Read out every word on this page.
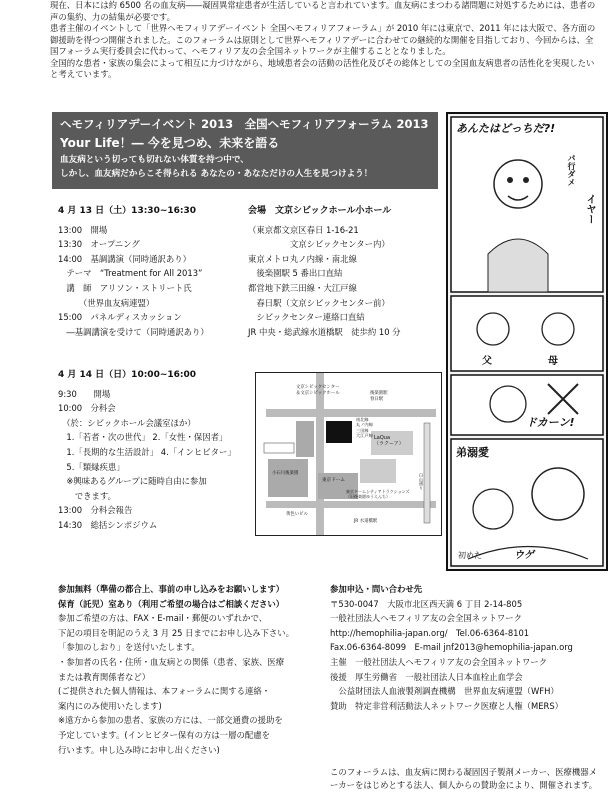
現在、日本には約 6500 名の血友病――凝固異常症患者が生活していると言われています。血友病にまつわる諸問題に対処するためには、患者の声の集約、力の結集が必要です。

患者主催のイベントして「世界ヘモフィリアデーイベント 全国ヘモフィリアフォーラム」が 2010 年には東京で、2011 年には大阪で、各方面の御援助を得つつ開催されました。このフォーラムは原則として世界ヘモフィリアデーに合わせての継続的な開催を目指しており、今回からは、全国フォーラム実行委員会に代わって、ヘモフィリア友の会全国ネットワークが主催することとなりました。

全国的な患者・家族の集会によって相互に力づけながら、地域患者会の活動の活性化及びその総体としての全国血友病患者の活性化を実現したいと考えています。

ヘモフィリアデーイベント 2013　全国ヘモフィリアフォーラム 2013
Your Life！― 今を見つめ、未来を語る
血友病という切っても切れない体質を持つ中で、
しかし、血友病だからこそ得られる あなたの・あなただけの人生を見つけよう！
あんたはどっちだ?!
パ行ダメ
イヤー
父	母
ドカーン!
弟溺愛
初めた	ウゲ
4 月 13 日（土）13:30~16:30
13:00　開場
13:30　オープニング
14:00　基調講演（同時通訳あり）
　テーマ　“Treatment for All 2013”
　講　師　アリソン・ストリート氏
　　　（世界血友病連盟）
15:00　パネルディスカッション
　―基調講演を受けて（同時通訳あり）
会場　文京シビックホール小ホール
（東京都文京区春日 1-16-21
　　　　　文京シビックセンター内）
東京メトロ丸ノ内線・南北線
　後楽園駅 5 番出口直結
都営地下鉄三田線・大江戸線
　春日駅（文京シビックセンター前）
　シビックセンター連絡口直結
JR 中央・総武線水道橋駅　徒歩約 10 分
4 月 14 日（日）10:00~16:00
9:30　　開場
10:00　分科会
　（於：シビックホール会議室ほか）
　1.「若者・次の世代」 2.「女性・保因者」
　1.「長期的な生活設計」 4.「インヒビター」
　5.「類縁疾患」
　※興味あるグループに随時自由に参加
　　できます。
13:00　分科会報告
14:30　総括シンポジウム
文京シビックセンター
＆文京シビックホール	後楽園駅
春日駅
南北線
丸ノ内線
三田線
大江戸線 LaQua
（ラクーア）
小石川後楽園
東京ドーム
東京ドームシティアトラクションズ
（旧後楽園ゆうえんち）
黄色いビル
JR 水道橋駅
白山通り
参加無料（準備の都合上、事前の申し込みをお願いします）
保育（託児）室あり（利用ご希望の場合はご相談ください）
参加ご希望の方は、FAX・E-mail・郵便のいずれかで、
下記の項目を明記のうえ 3 月 25 日までにお申し込み下さい。
「参加のしおり」を送付いたします。
・参加者の氏名・住所・血友病との関係（患者、家族、医療
または教育関係者など）
(ご提供された個人情報は、本フォーラムに関する連絡・
案内にのみ使用いたします)
※遠方から参加の患者、家族の方には、一部交通費の援助を
予定しています。(インヒビター保有の方は一層の配慮を
行います。申し込み時にお申し出ください)
参加申込・問い合わせ先
〒530-0047　大阪市北区西天満 6 丁目 2-14-805
一般社団法人ヘモフィリア友の会全国ネットワーク
http://hemophilia-japan.org/　Tel.06-6364-8101
Fax.06-6364-8099　E-mail jnf2013@hemophilia-japan.org
主催　一般社団法人ヘモフィリア友の会全国ネットワーク
後援　厚生労働省　一般社団法人日本血栓止血学会
　公益財団法人血液製剤調査機構　世界血友病連盟（WFH）
賛助　特定非営利活動法人ネットワーク医療と人権（MERS）
このフォーラムは、血友病に関わる凝固因子製剤メーカー、医療機器メーカーをはじめとする法人、個人からの賛助金により、開催されます。
